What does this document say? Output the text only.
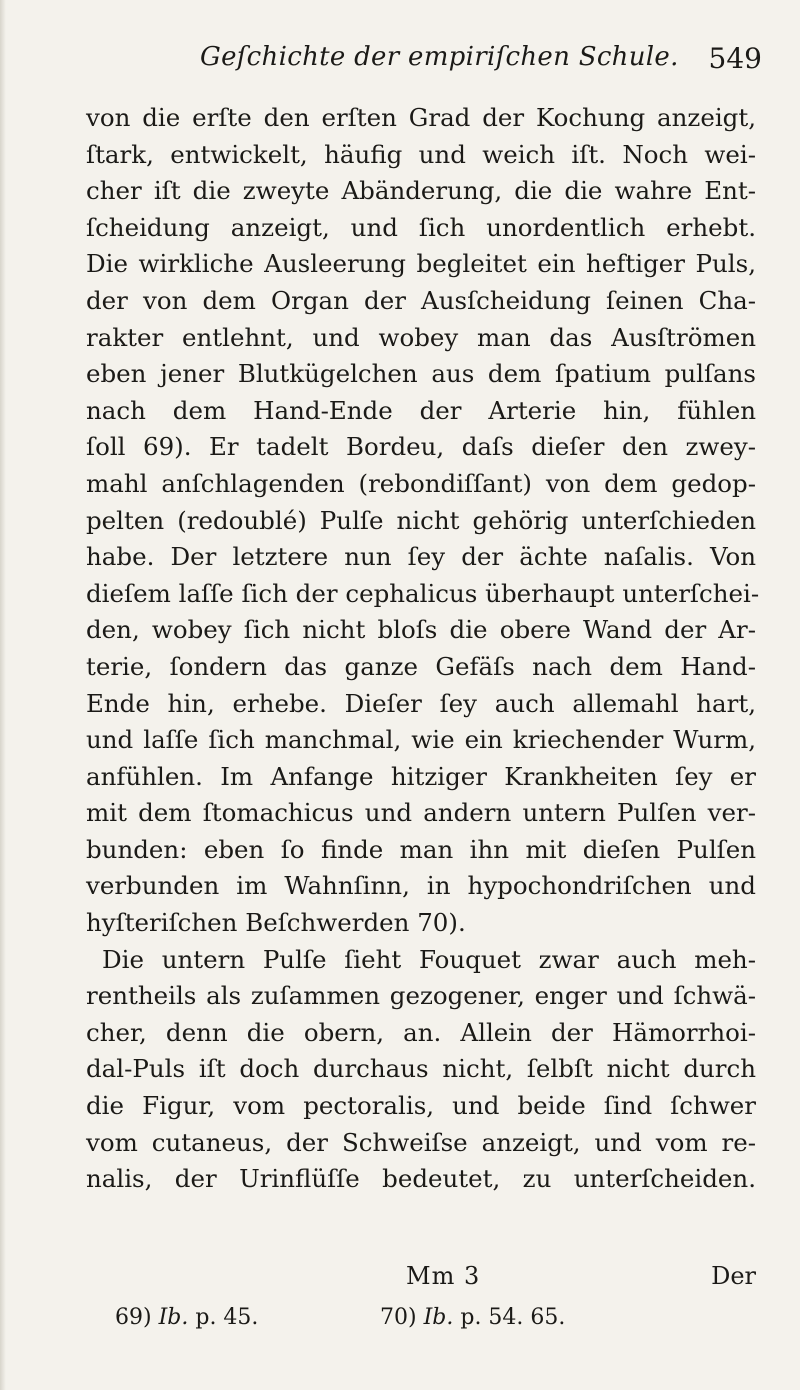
Geſchichte der empiriſchen Schule. 549
von die erſte den erſten Grad der Kochung anzeigt,
ſtark, entwickelt, häufig und weich iſt. Noch wei-
cher iſt die zweyte Abänderung, die die wahre Ent-
ſcheidung anzeigt, und ſich unordentlich erhebt.
Die wirkliche Ausleerung begleitet ein heftiger Puls,
der von dem Organ der Ausſcheidung ſeinen Cha-
rakter entlehnt, und wobey man das Ausſtrömen
eben jener Blutkügelchen aus dem ſpatium pulſans
nach dem Hand-Ende der Arterie hin, fühlen
ſoll 69). Er tadelt Bordeu, daſs dieſer den zwey-
mahl anſchlagenden (rebondiſſant) von dem gedop-
pelten (redoublé) Pulſe nicht gehörig unterſchieden
habe. Der letztere nun ſey der ächte naſalis. Von
dieſem laſſe ſich der cephalicus überhaupt unterſchei-
den, wobey ſich nicht bloſs die obere Wand der Ar-
terie, ſondern das ganze Gefäſs nach dem Hand-
Ende hin, erhebe. Dieſer ſey auch allemahl hart,
und laſſe ſich manchmal, wie ein kriechender Wurm,
anfühlen. Im Anfange hitziger Krankheiten ſey er
mit dem ſtomachicus und andern untern Pulſen ver-
bunden: eben ſo finde man ihn mit dieſen Pulſen
verbunden im Wahnſinn, in hypochondriſchen und
hyſteriſchen Beſchwerden 70).
Die untern Pulſe ſieht Fouquet zwar auch meh-
rentheils als zuſammen gezogener, enger und ſchwä-
cher, denn die obern, an. Allein der Hämorrhoi-
dal-Puls iſt doch durchaus nicht, ſelbſt nicht durch
die Figur, vom pectoralis, und beide ſind ſchwer
vom cutaneus, der Schweiſse anzeigt, und vom re-
nalis, der Urinflüſſe bedeutet, zu unterſcheiden.
Mm 3	Der
69) Ib. p. 45.	70) Ib. p. 54. 65.
